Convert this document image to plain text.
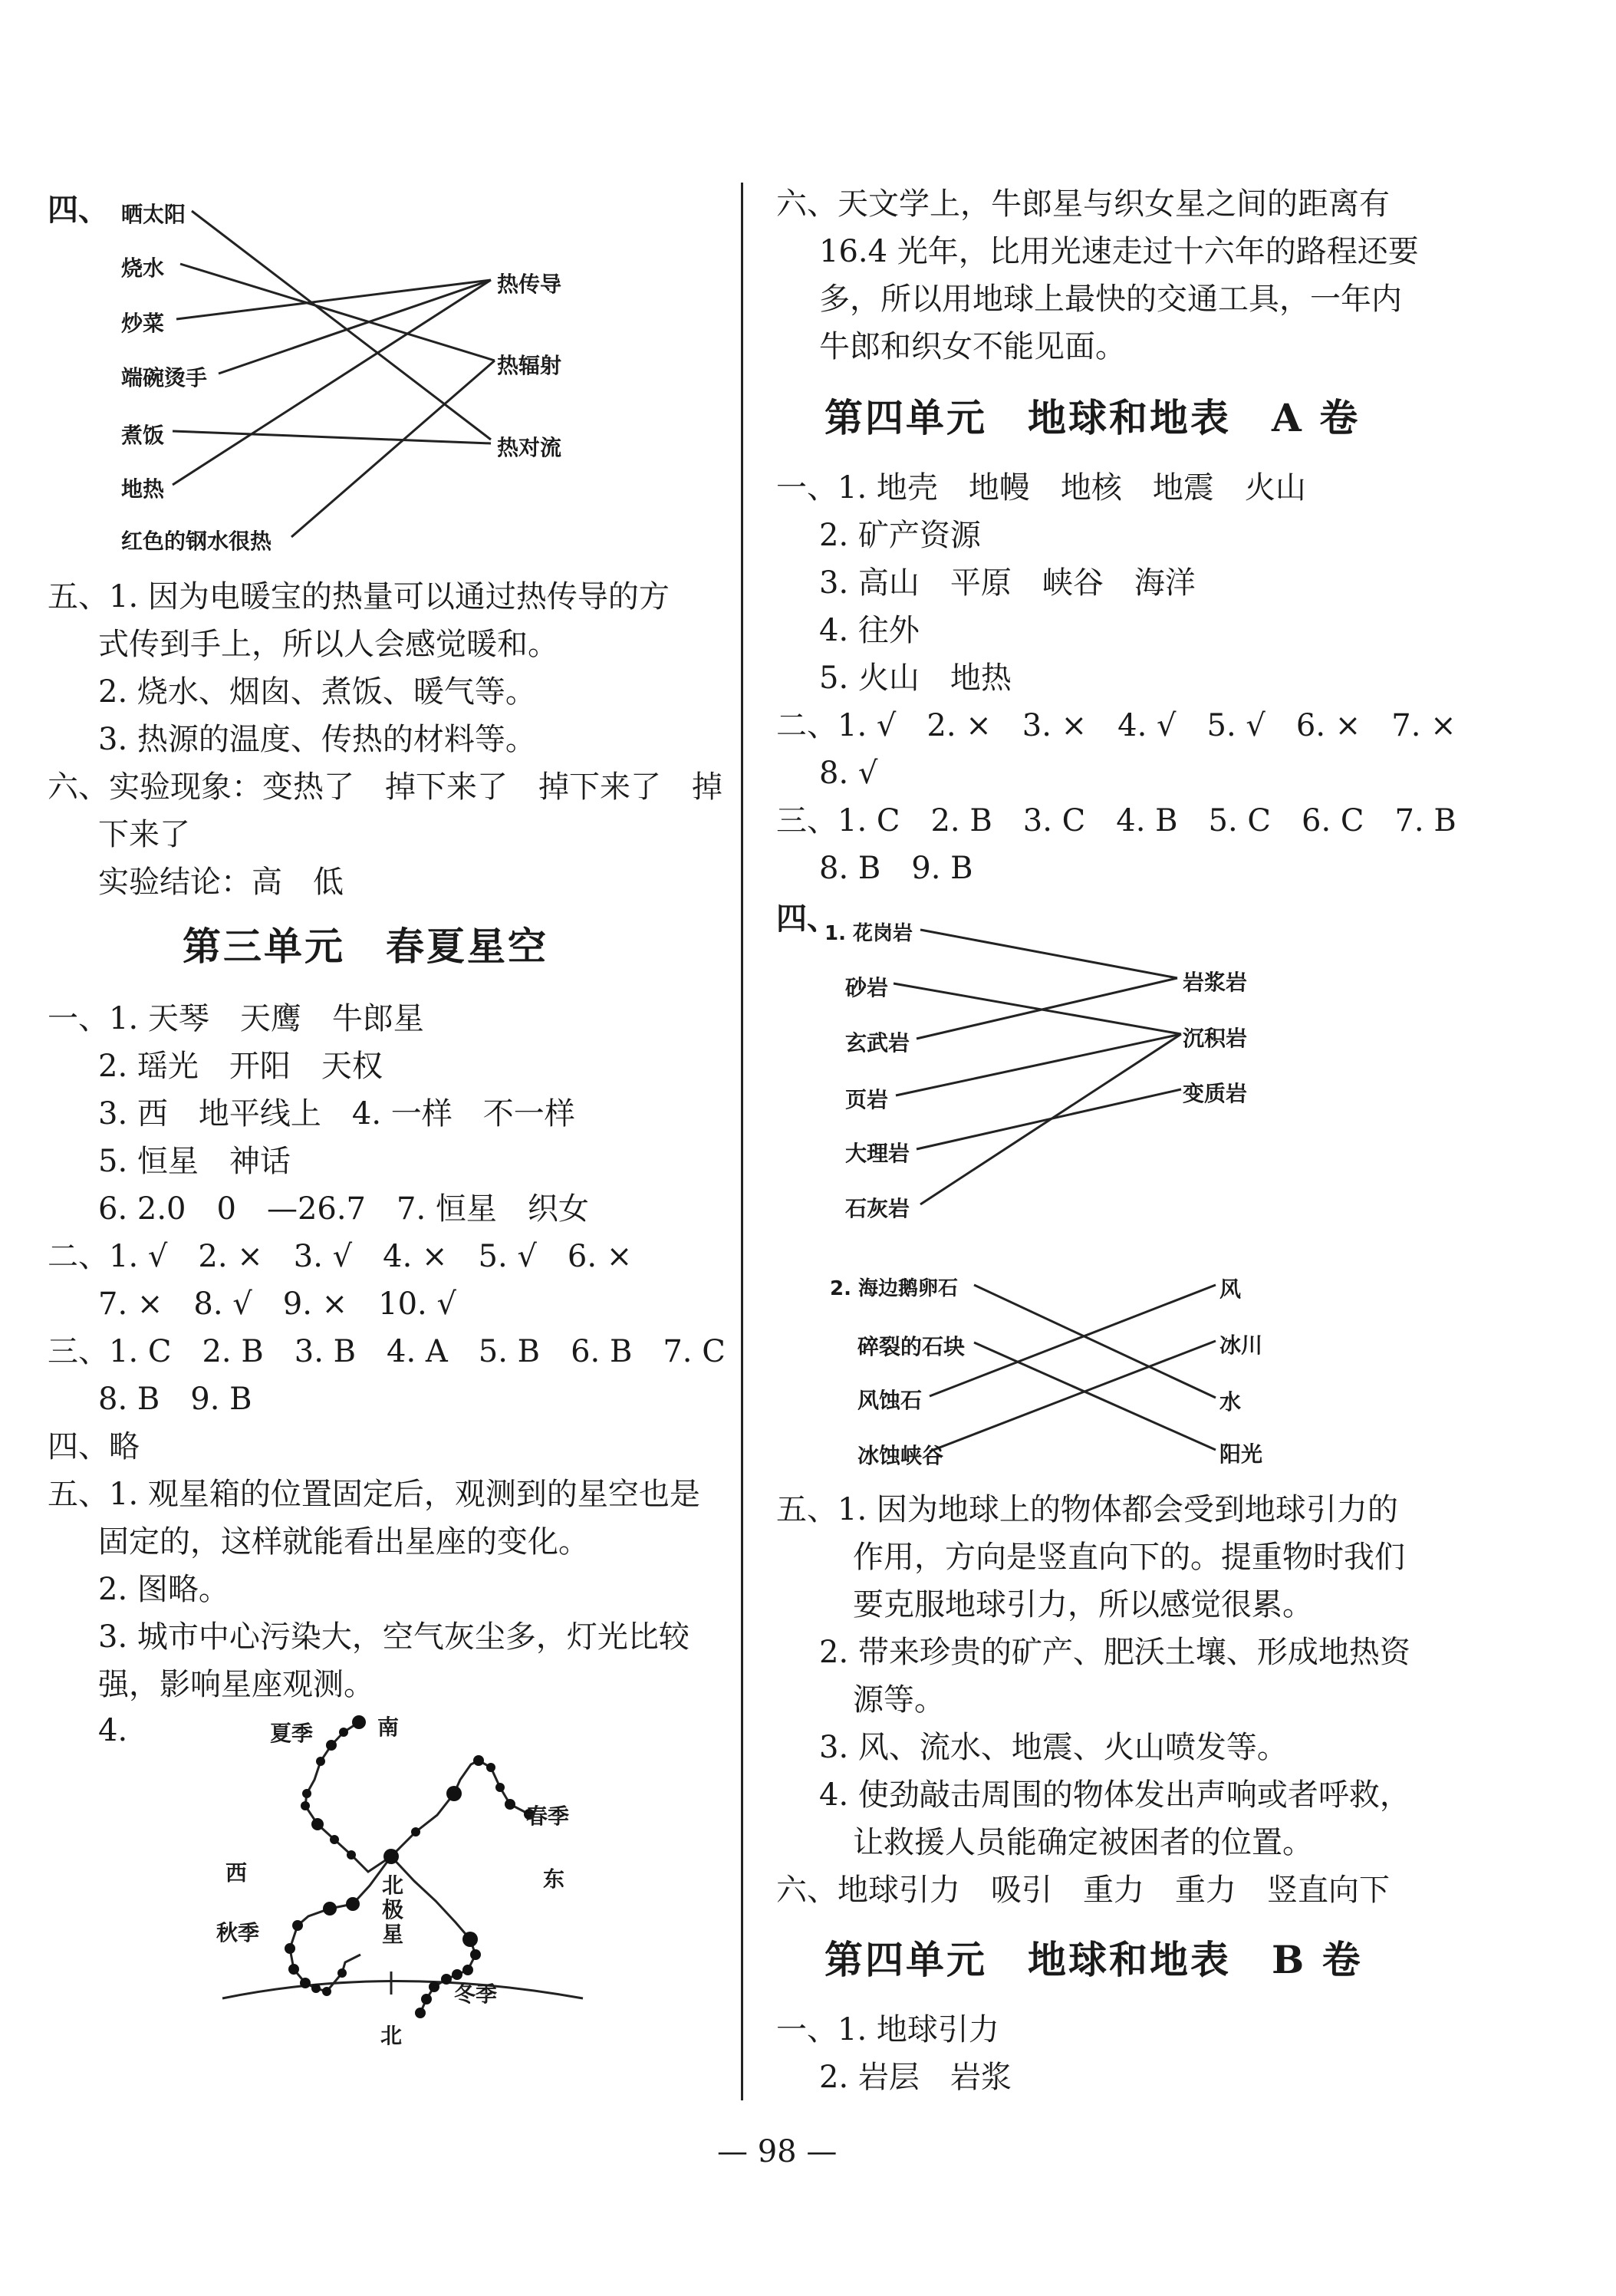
四、 晒太阳
烧水
炒菜
端碗烫手
煮饭
地热
红色的钢水很热
热传导
热辐射
热对流
五、1. 因为电暖宝的热量可以通过热传导的方
式传到手上，所以人会感觉暖和。
2. 烧水、烟囱、煮饭、暖气等。
3. 热源的温度、传热的材料等。
六、实验现象：变热了　掉下来了　掉下来了　掉
下来了
实验结论：高　低
第三单元　春夏星空
一、1. 天琴　天鹰　牛郎星
2. 瑶光　开阳　天权
3. 西　地平线上　4. 一样　不一样
5. 恒星　神话
6. 2.0　0　—26.7　7. 恒星　织女
二、1. √　2. ×　3. √　4. ×　5. √　6. ×
7. ×　8. √　9. ×　10. √
三、1. C　2. B　3. B　4. A　5. B　6. B　7. C
8. B　9. B
四、略
五、1. 观星箱的位置固定后，观测到的星空也是
固定的，这样就能看出星座的变化。
2. 图略。
3. 城市中心污染大，空气灰尘多，灯光比较
强，影响星座观测。
4.	夏季	南
春季
东
西
秋季
北极星
冬季
北
六、天文学上，牛郎星与织女星之间的距离有
16.4 光年，比用光速走过十六年的路程还要
多，所以用地球上最快的交通工具，一年内
牛郎和织女不能见面。
第四单元　地球和地表　A 卷
一、1. 地壳　地幔　地核　地震　火山
2. 矿产资源
3. 高山　平原　峡谷　海洋
4. 往外
5. 火山　地热
二、1. √　2. ×　3. ×　4. √　5. √　6. ×　7. ×
8. √
三、1. C　2. B　3. C　4. B　5. C　6. C　7. B
8. B　9. B
四、
1. 花岗岩
砂岩
玄武岩
页岩
大理岩
石灰岩
岩浆岩
沉积岩
变质岩
2. 海边鹅卵石
碎裂的石块
风蚀石
冰蚀峡谷
风
冰川
水
阳光
五、1. 因为地球上的物体都会受到地球引力的
作用，方向是竖直向下的。提重物时我们
要克服地球引力，所以感觉很累。
2. 带来珍贵的矿产、肥沃土壤、形成地热资
源等。
3. 风、流水、地震、火山喷发等。
4. 使劲敲击周围的物体发出声响或者呼救，
让救援人员能确定被困者的位置。
六、地球引力　吸引　重力　重力　竖直向下
第四单元　地球和地表　B 卷
一、1. 地球引力
2. 岩层　岩浆
— 98 —
